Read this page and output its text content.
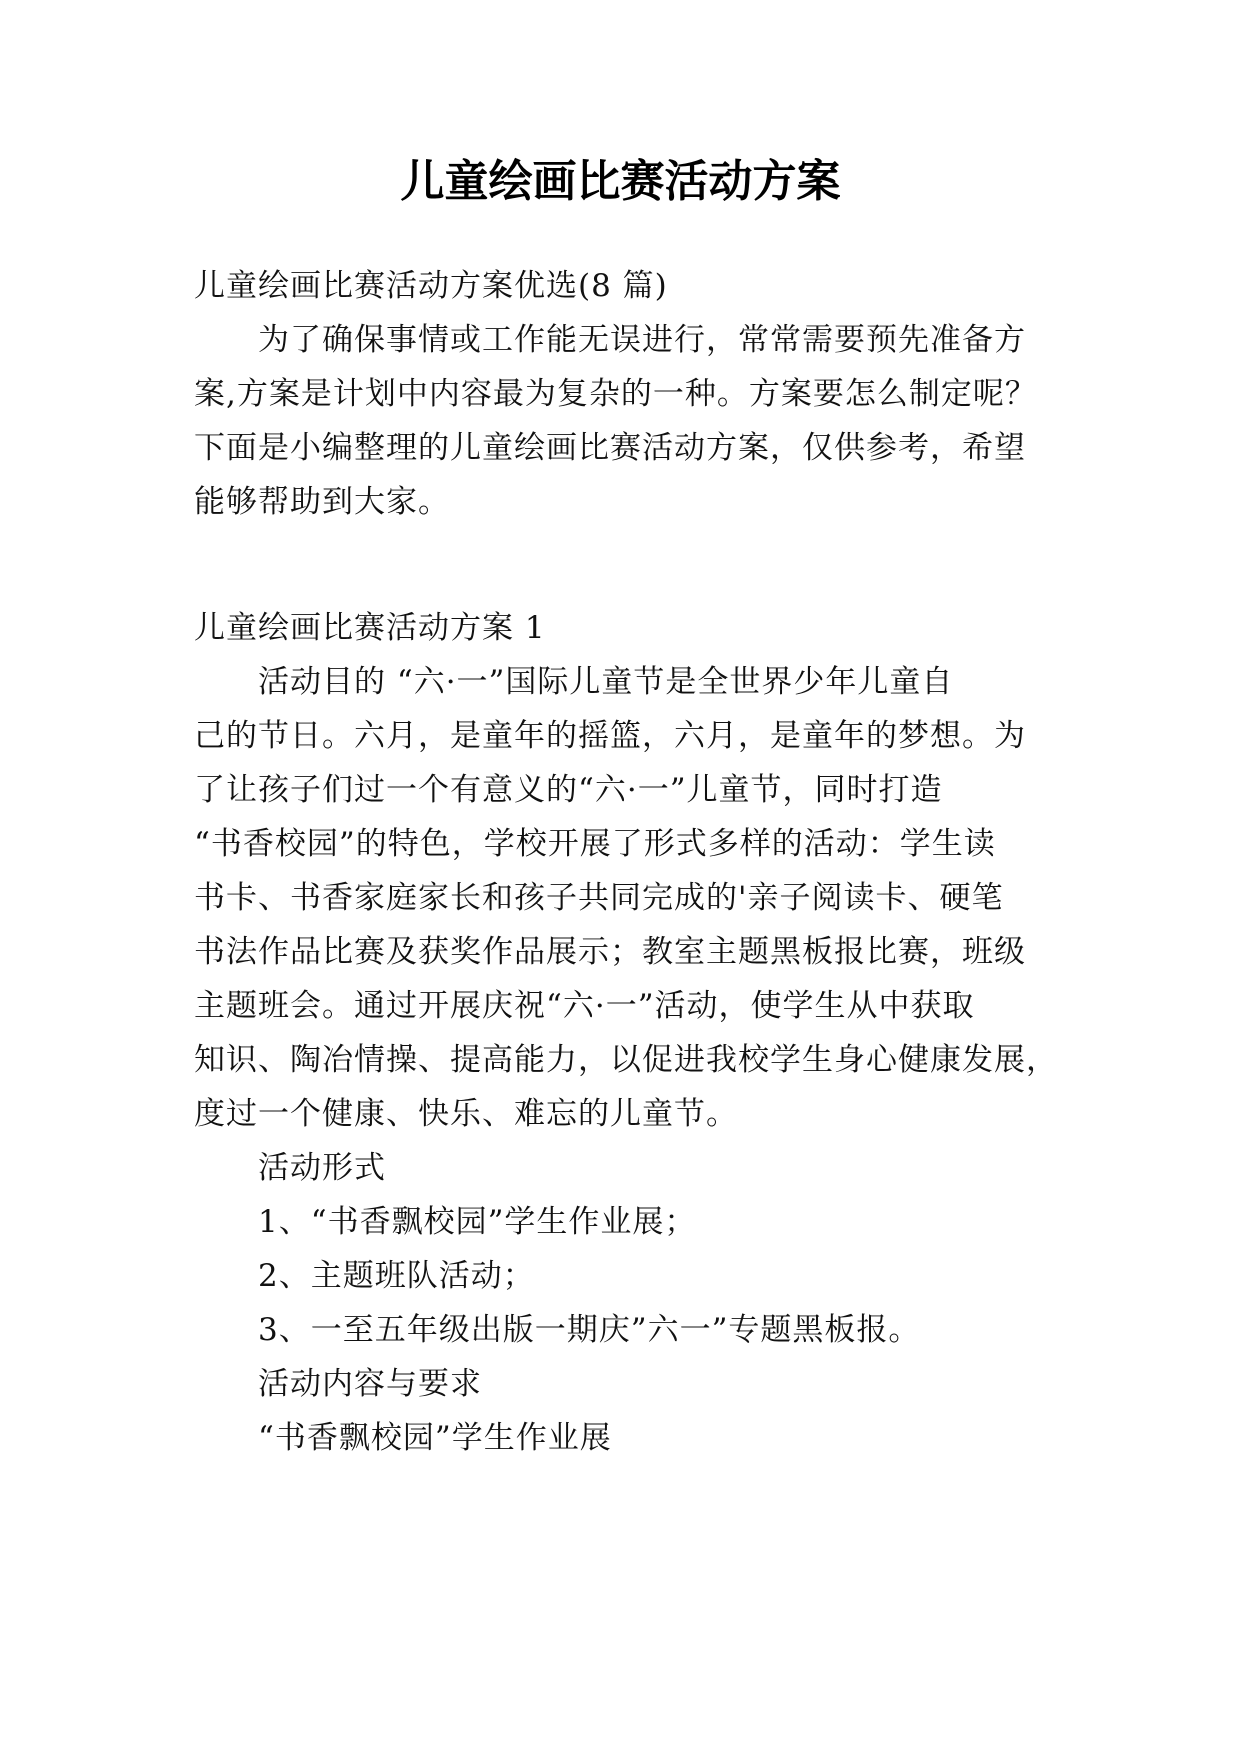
儿童绘画比赛活动方案
儿童绘画比赛活动方案优选(8 篇)
为了确保事情或工作能无误进行，常常需要预先准备方
案,方案是计划中内容最为复杂的一种。方案要怎么制定呢？
下面是小编整理的儿童绘画比赛活动方案，仅供参考，希望
能够帮助到大家。
儿童绘画比赛活动方案 1
活动目的 “六·一”国际儿童节是全世界少年儿童自
己的节日。六月，是童年的摇篮，六月，是童年的梦想。为
了让孩子们过一个有意义的“六·一”儿童节，同时打造
“书香校园”的特色，学校开展了形式多样的活动：学生读
书卡、书香家庭家长和孩子共同完成的'亲子阅读卡、硬笔
书法作品比赛及获奖作品展示；教室主题黑板报比赛，班级
主题班会。通过开展庆祝“六·一”活动，使学生从中获取
知识、陶冶情操、提高能力，以促进我校学生身心健康发展，
度过一个健康、快乐、难忘的儿童节。
活动形式
1、“书香飘校园”学生作业展；
2、主题班队活动；
3、一至五年级出版一期庆”六一”专题黑板报。
活动内容与要求
“书香飘校园”学生作业展
